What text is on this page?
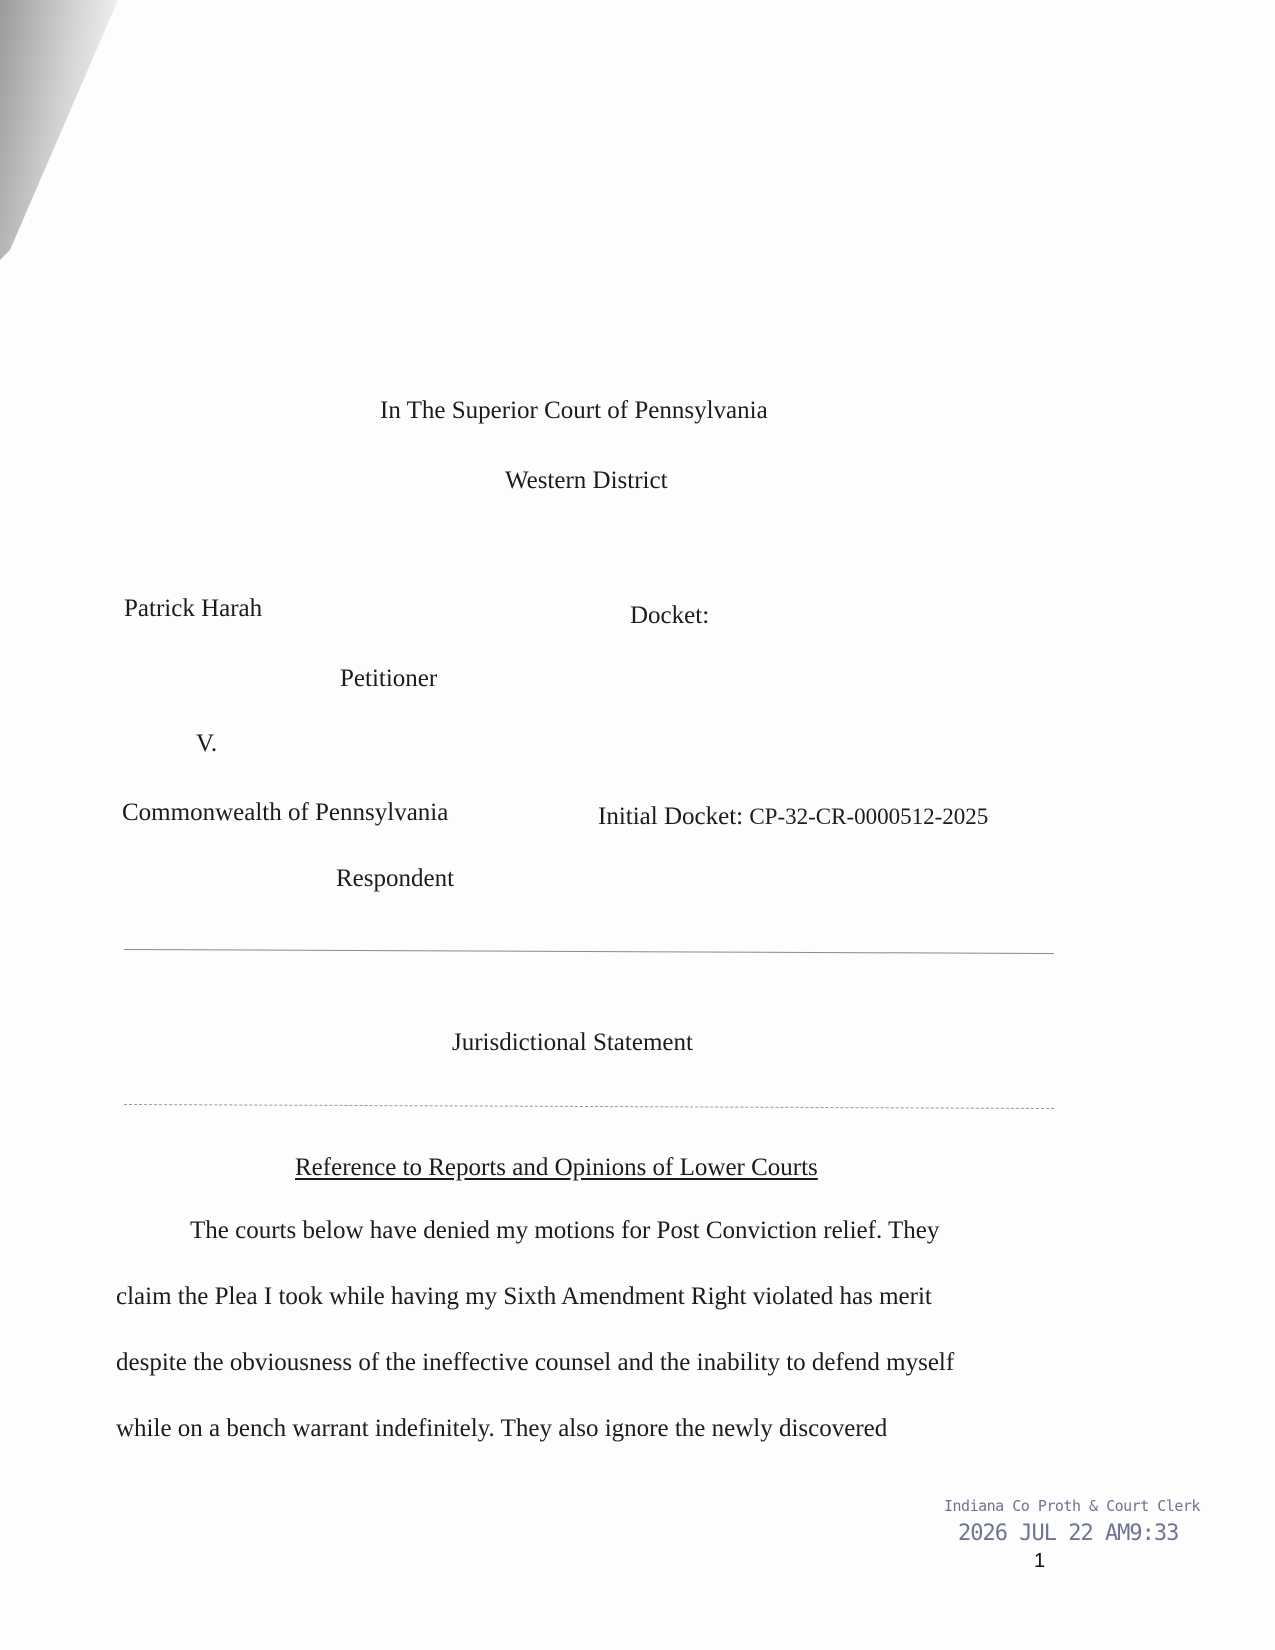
In The Superior Court of Pennsylvania
Western District
Patrick Harah	Docket:
Petitioner
V.
Commonwealth of Pennsylvania	Initial Docket: CP-32-CR-0000512-2025
Respondent
Jurisdictional Statement
Reference to Reports and Opinions of Lower Courts
The courts below have denied my motions for Post Conviction relief. They
claim the Plea I took while having my Sixth Amendment Right violated has merit
despite the obviousness of the ineffective counsel and the inability to defend myself
while on a bench warrant indefinitely. They also ignore the newly discovered
Indiana Co Proth & Court Clerk
2026 JUL 22 AM9:33
1
